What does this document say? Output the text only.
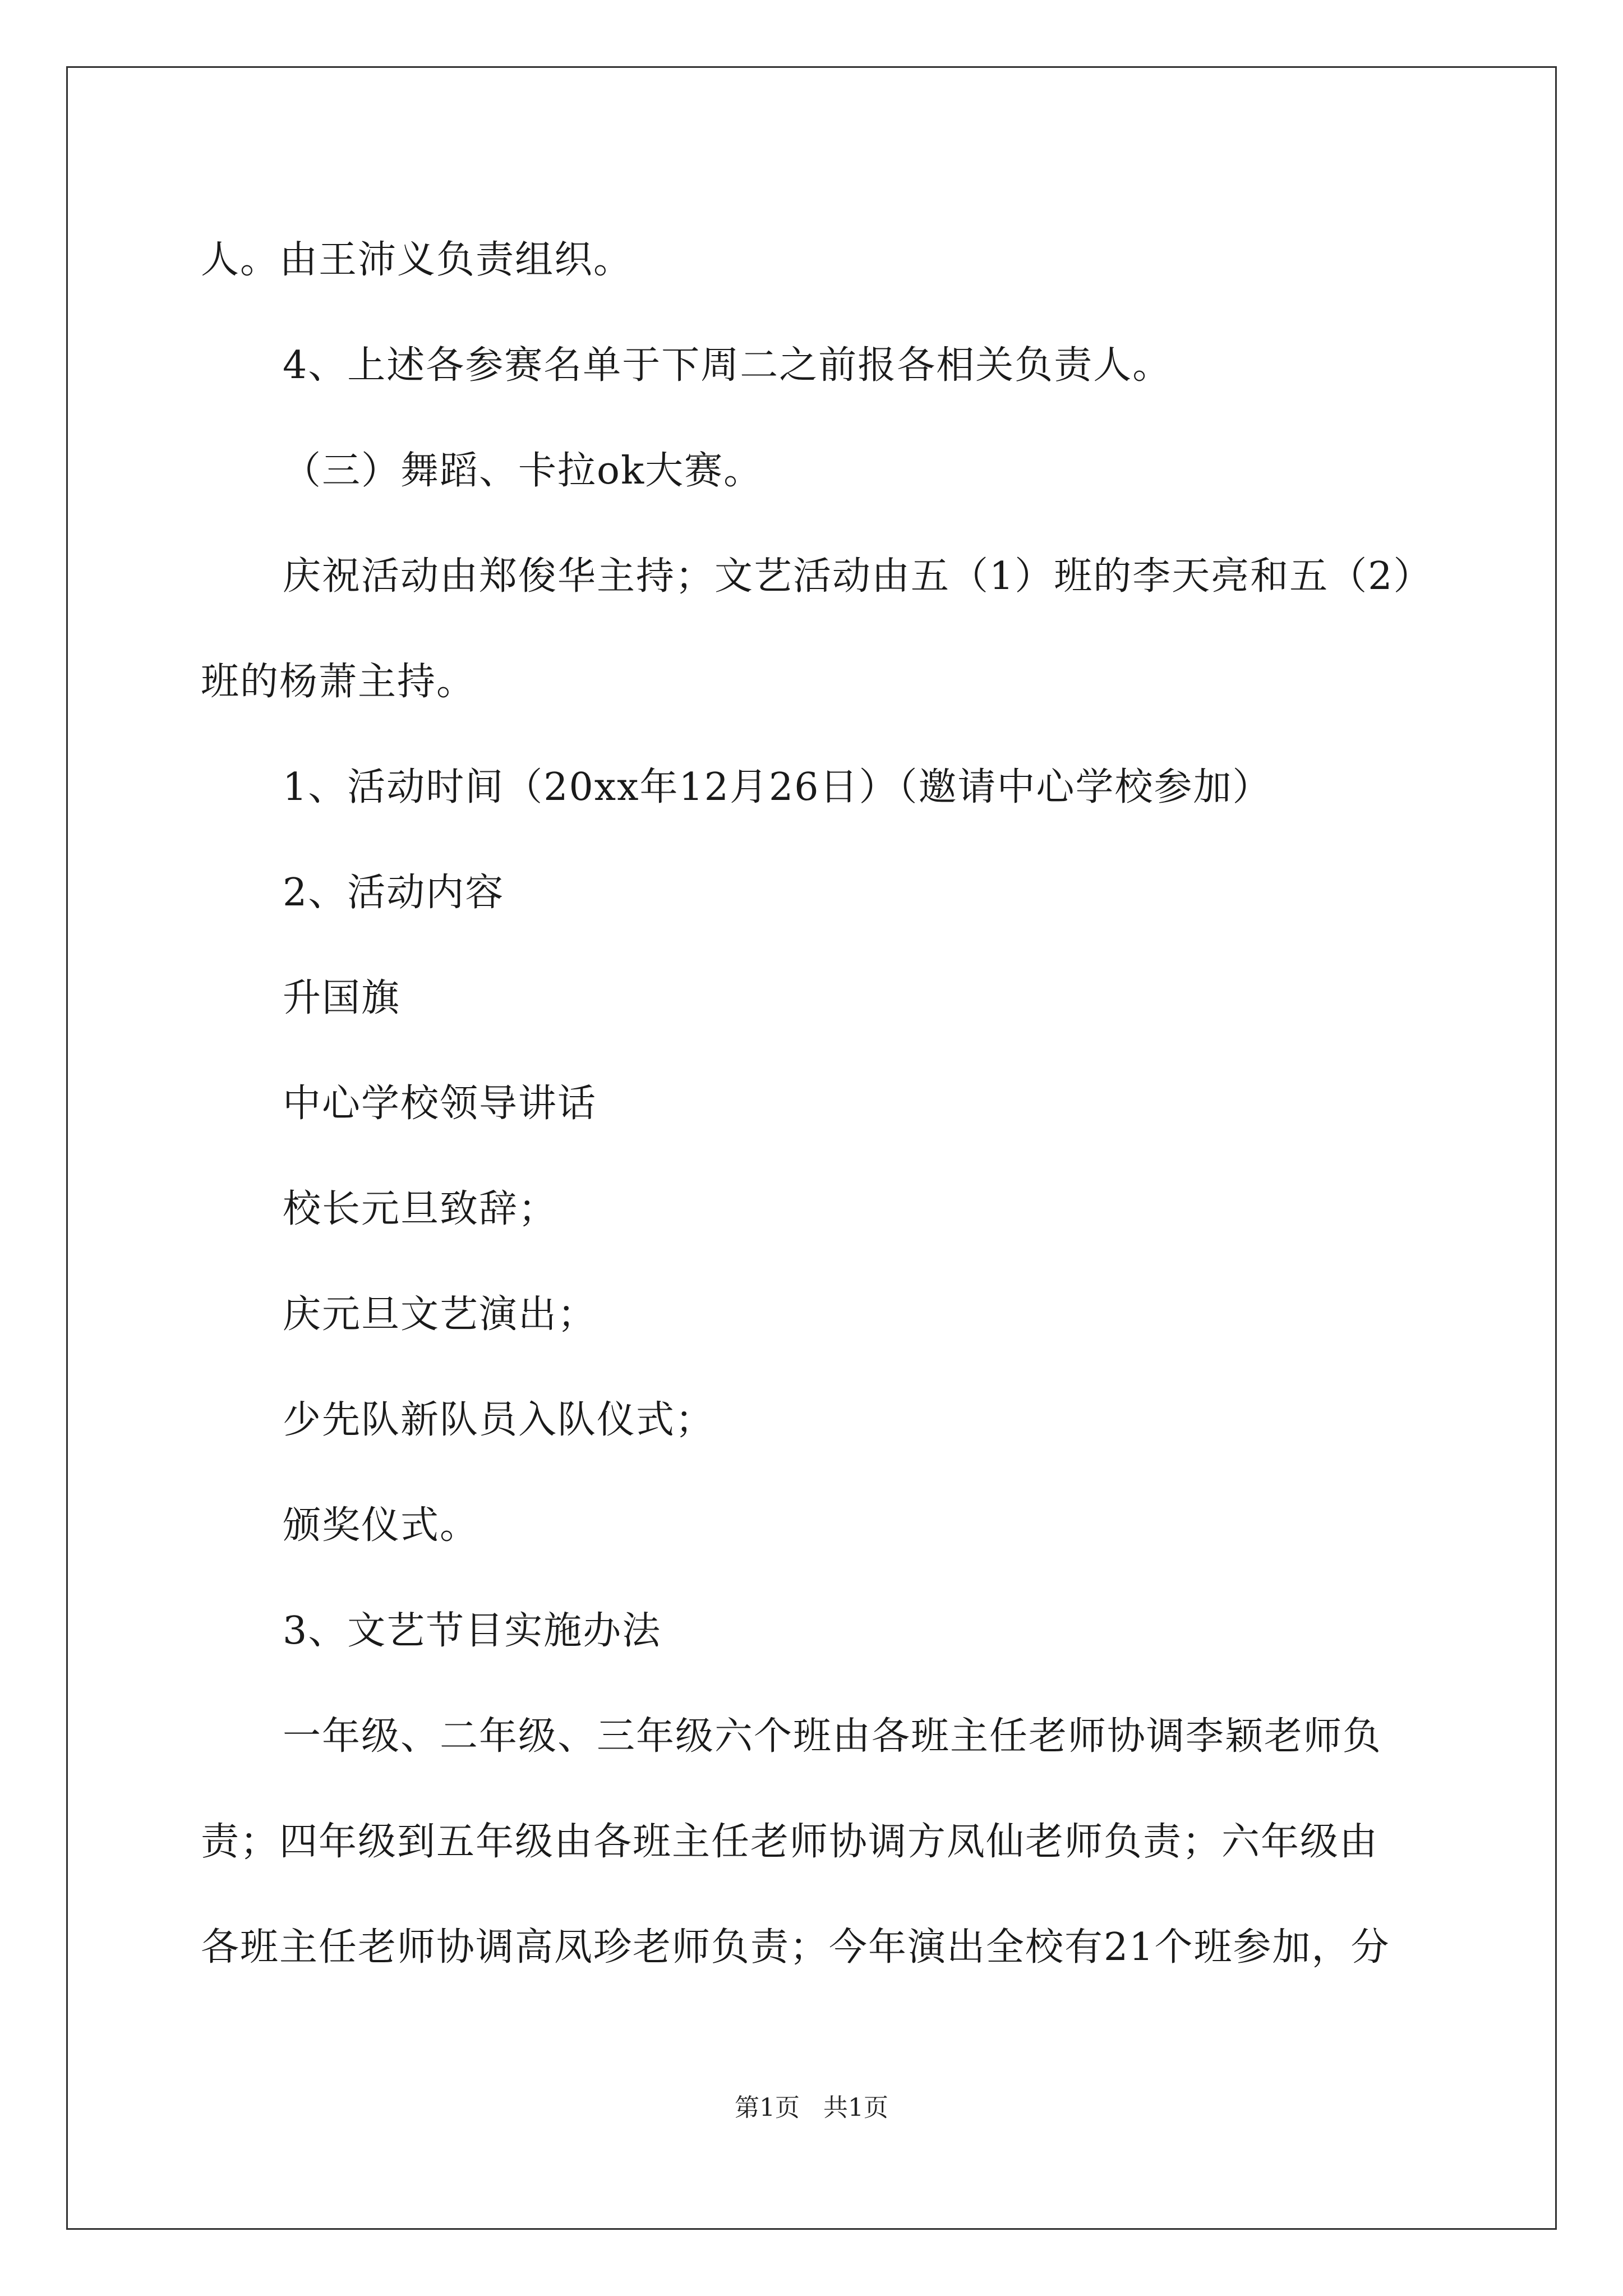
人。由王沛义负责组织。

4、上述各参赛名单于下周二之前报各相关负责人。

（三）舞蹈、卡拉ok大赛。

庆祝活动由郑俊华主持；文艺活动由五（1）班的李天亮和五（2）

班的杨萧主持。

1、活动时间（20xx年12月26日）（邀请中心学校参加）

2、活动内容

升国旗

中心学校领导讲话

校长元旦致辞；

庆元旦文艺演出；

少先队新队员入队仪式；

颁奖仪式。

3、文艺节目实施办法

一年级、二年级、三年级六个班由各班主任老师协调李颖老师负

责；四年级到五年级由各班主任老师协调方凤仙老师负责；六年级由

各班主任老师协调高凤珍老师负责；今年演出全校有21个班参加，分

第1页 共1页
